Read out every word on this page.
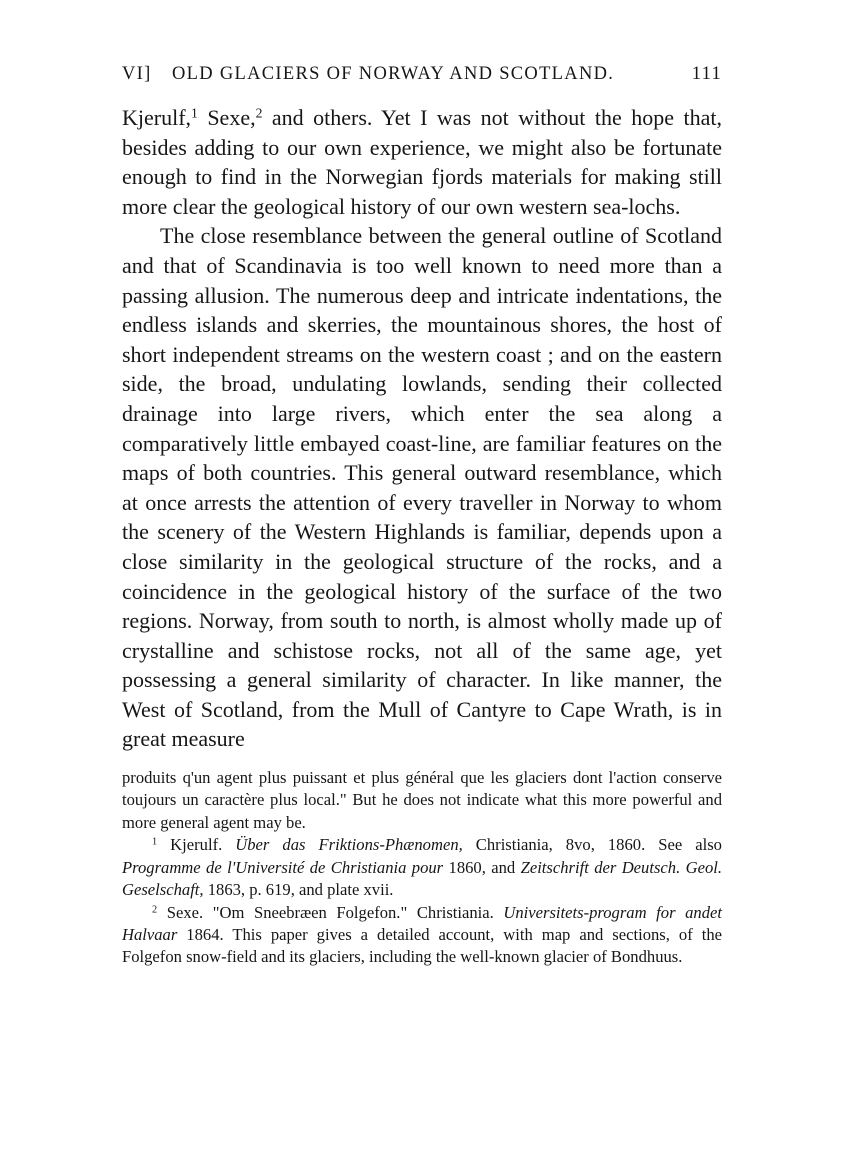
VI] OLD GLACIERS OF NORWAY AND SCOTLAND.	111

Kjerulf,$^1$ Sexe,$^2$ and others. Yet I was not without the hope that, besides adding to our own experience, we might also be fortunate enough to find in the Norwegian fjords materials for making still more clear the geological history of our own western sea-lochs.

The close resemblance between the general outline of Scotland and that of Scandinavia is too well known to need more than a passing allusion. The numerous deep and intricate indentations, the endless islands and skerries, the mountainous shores, the host of short independent streams on the western coast ; and on the eastern side, the broad, undulating lowlands, sending their collected drainage into large rivers, which enter the sea along a comparatively little embayed coast-line, are familiar features on the maps of both countries. This general outward resemblance, which at once arrests the attention of every traveller in Norway to whom the scenery of the Western Highlands is familiar, depends upon a close similarity in the geological structure of the rocks, and a coincidence in the geological history of the surface of the two regions. Norway, from south to north, is almost wholly made up of crystalline and schistose rocks, not all of the same age, yet possessing a general similarity of character. In like manner, the West of Scotland, from the Mull of Cantyre to Cape Wrath, is in great measure

produits q'un agent plus puissant et plus général que les glaciers dont l'action conserve toujours un caractère plus local." But he does not indicate what this more powerful and more general agent may be.

$^1$ Kjerulf. Über das Friktions-Phænomen, Christiania, 8vo, 1860. See also Programme de l'Université de Christiania pour 1860, and Zeitschrift der Deutsch. Geol. Geselschaft, 1863, p. 619, and plate xvii.

$^2$ Sexe. "Om Sneebræen Folgefon." Christiania. Universitets-program for andet Halvaar 1864. This paper gives a detailed account, with map and sections, of the Folgefon snow-field and its glaciers, including the well-known glacier of Bondhuus.
